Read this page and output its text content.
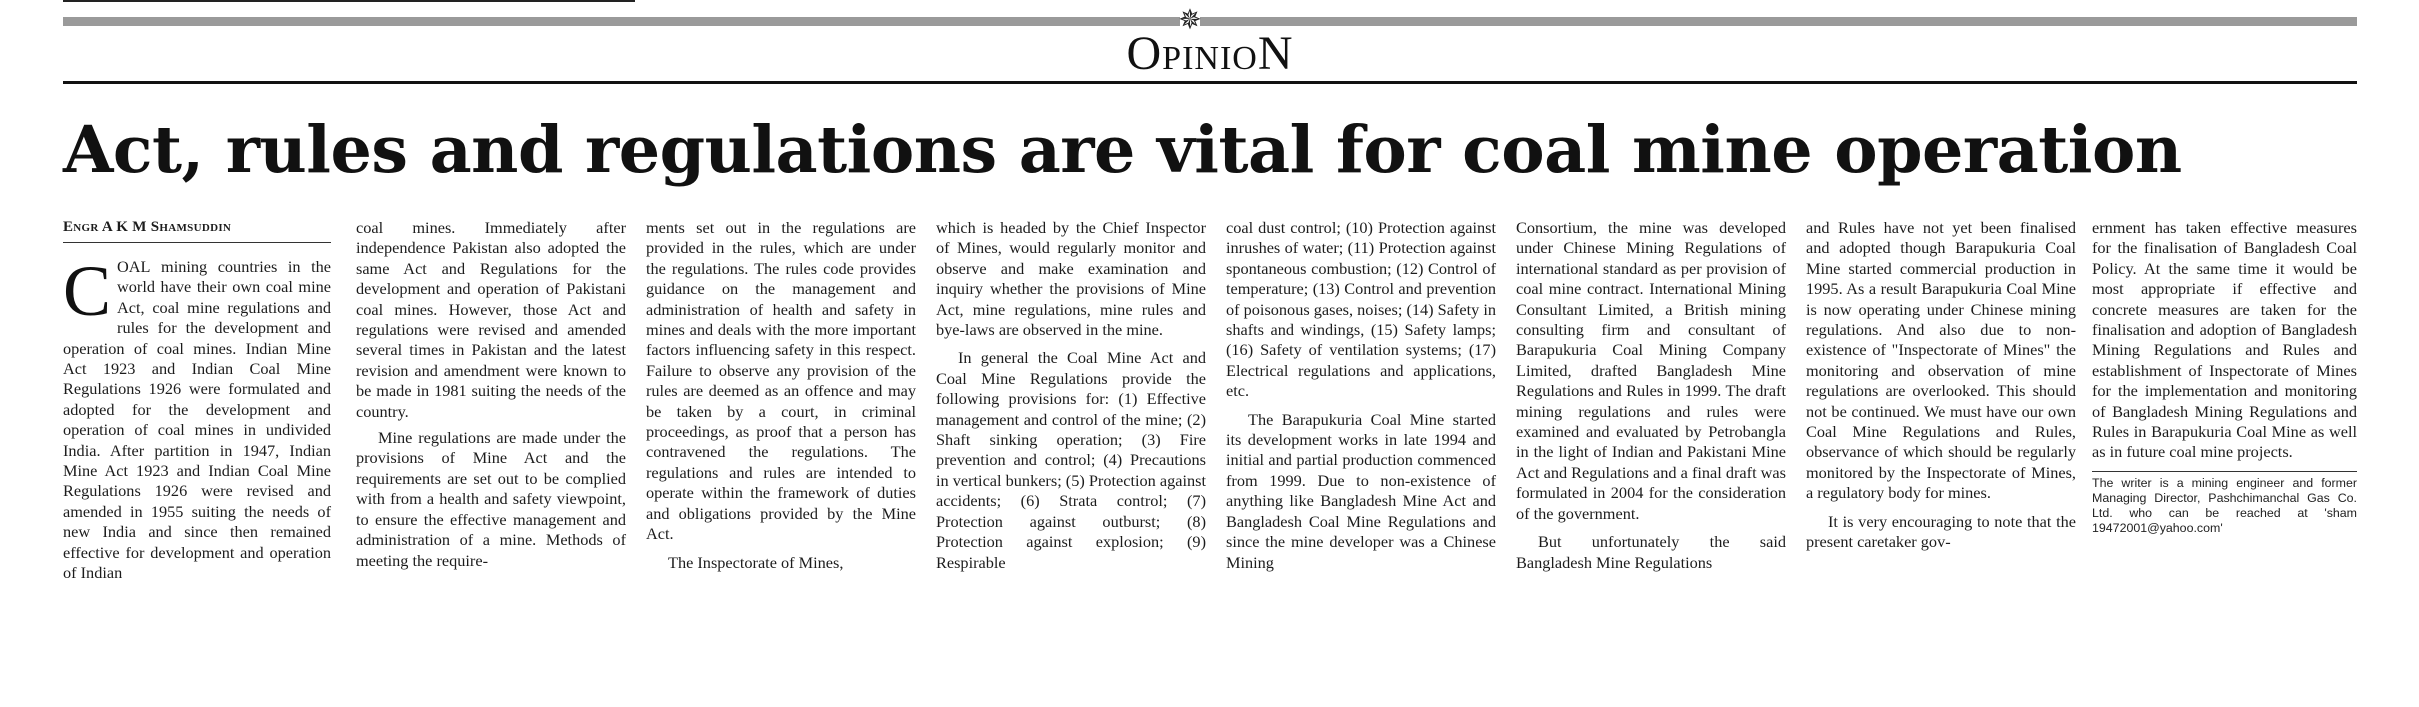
✵
OpinioN
Act, rules and regulations are vital for coal mine operation
Engr A K M Shamsuddin

COAL mining countries in the world have their own coal mine Act, coal mine regulations and rules for the development and operation of coal mines. Indian Mine Act 1923 and Indian Coal Mine Regulations 1926 were formulated and adopted for the development and operation of coal mines in undivided India. After partition in 1947, Indian Mine Act 1923 and Indian Coal Mine Regulations 1926 were revised and amended in 1955 suiting the needs of new India and since then remained effective for development and operation of Indian

coal mines. Immediately after independence Pakistan also adopted the same Act and Regulations for the development and operation of Pakistani coal mines. However, those Act and regulations were revised and amended several times in Pakistan and the latest revision and amendment were known to be made in 1981 suiting the needs of the country.

Mine regulations are made under the provisions of Mine Act and the requirements are set out to be complied with from a health and safety viewpoint, to ensure the effective management and administration of a mine. Methods of meeting the require-

ments set out in the regulations are provided in the rules, which are under the regulations. The rules code provides guidance on the management and administration of health and safety in mines and deals with the more important factors influencing safety in this respect. Failure to observe any provision of the rules are deemed as an offence and may be taken by a court, in criminal proceedings, as proof that a person has contravened the regulations. The regulations and rules are intended to operate within the framework of duties and obligations provided by the Mine Act.

The Inspectorate of Mines,

which is headed by the Chief Inspector of Mines, would regularly monitor and observe and make examination and inquiry whether the provisions of Mine Act, mine regulations, mine rules and bye-laws are observed in the mine.

In general the Coal Mine Act and Coal Mine Regulations provide the following provisions for: (1) Effective management and control of the mine; (2) Shaft sinking operation; (3) Fire prevention and control; (4) Precautions in vertical bunkers; (5) Protection against accidents; (6) Strata control; (7) Protection against outburst; (8) Protection against explosion; (9) Respirable

coal dust control; (10) Protection against inrushes of water; (11) Protection against spontaneous combustion; (12) Control of temperature; (13) Control and prevention of poisonous gases, noises; (14) Safety in shafts and windings, (15) Safety lamps; (16) Safety of ventilation systems; (17) Electrical regulations and applications, etc.

The Barapukuria Coal Mine started its development works in late 1994 and initial and partial production commenced from 1999. Due to non-existence of anything like Bangladesh Mine Act and Bangladesh Coal Mine Regulations and since the mine developer was a Chinese Mining

Consortium, the mine was developed under Chinese Mining Regulations of international standard as per provision of coal mine contract. International Mining Consultant Limited, a British mining consulting firm and consultant of Barapukuria Coal Mining Company Limited, drafted Bangladesh Mine Regulations and Rules in 1999. The draft mining regulations and rules were examined and evaluated by Petrobangla in the light of Indian and Pakistani Mine Act and Regulations and a final draft was formulated in 2004 for the consideration of the government.

But unfortunately the said Bangladesh Mine Regulations

and Rules have not yet been finalised and adopted though Barapukuria Coal Mine started commercial production in 1995. As a result Barapukuria Coal Mine is now operating under Chinese mining regulations. And also due to non-existence of "Inspectorate of Mines" the monitoring and observation of mine regulations are overlooked. This should not be continued. We must have our own Coal Mine Regulations and Rules, observance of which should be regularly monitored by the Inspectorate of Mines, a regulatory body for mines.

It is very encouraging to note that the present caretaker gov-

ernment has taken effective measures for the finalisation of Bangladesh Coal Policy. At the same time it would be most appropriate if effective and concrete measures are taken for the finalisation and adoption of Bangladesh Mining Regulations and Rules and establishment of Inspectorate of Mines for the implementation and monitoring of Bangladesh Mining Regulations and Rules in Barapukuria Coal Mine as well as in future coal mine projects.

The writer is a mining engineer and former Managing Director, Pashchimanchal Gas Co. Ltd. who can be reached at 'sham 19472001@yahoo.com'
